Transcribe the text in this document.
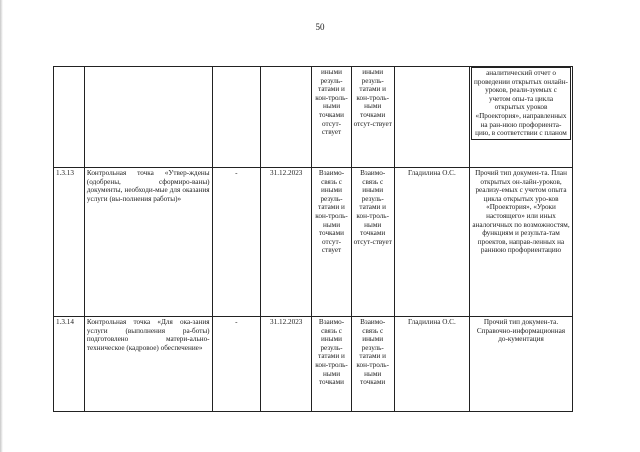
50
				иными резуль-татами и кон-троль-ными точками отсут-ствует	иными резуль-татами и кон-троль-ными точками отсут-ствует		аналитический отчет о проведении открытых онлайн-уроков, реали-зуемых с учетом опы-та цикла открытых уроков «Проектория», направленных на ран-нюю профориента-цию, в соответствии с планом

1.3.13	Контрольная точка «Утвер-ждены (одобрены, сформиро-ваны) документы, необходи-мые для оказания услуги (вы-полнения работы)»	-	31.12.2023	Взаимо-связь с иными резуль-татами и кон-троль-ными точками отсут-ствует	Взаимо-связь с иными резуль-татами и кон-троль-ными точками отсут-ствует	Гладилина О.С.	Прочий тип докумен-та. План открытых он-лайн-уроков, реализу-емых с учетом опыта цикла открытых уро-ков «Проектория», «Уроки настоящего» или иных аналогичных по возможностям, функциям и результа-там проектов, направ-ленных на раннюю профориентацию
1.3.14	Контрольная точка «Для ока-зания услуги (выполнения ра-боты) подготовлено матери-ально-техническое (кадровое) обеспечение»	-	31.12.2023	Взаимо-связь с иными резуль-татами и кон-троль-ными точками	Взаимо-связь с иными резуль-татами и кон-троль-ными точками	Гладилина О.С.	Прочий тип докумен-та. Справочно-информационная до-кументация
